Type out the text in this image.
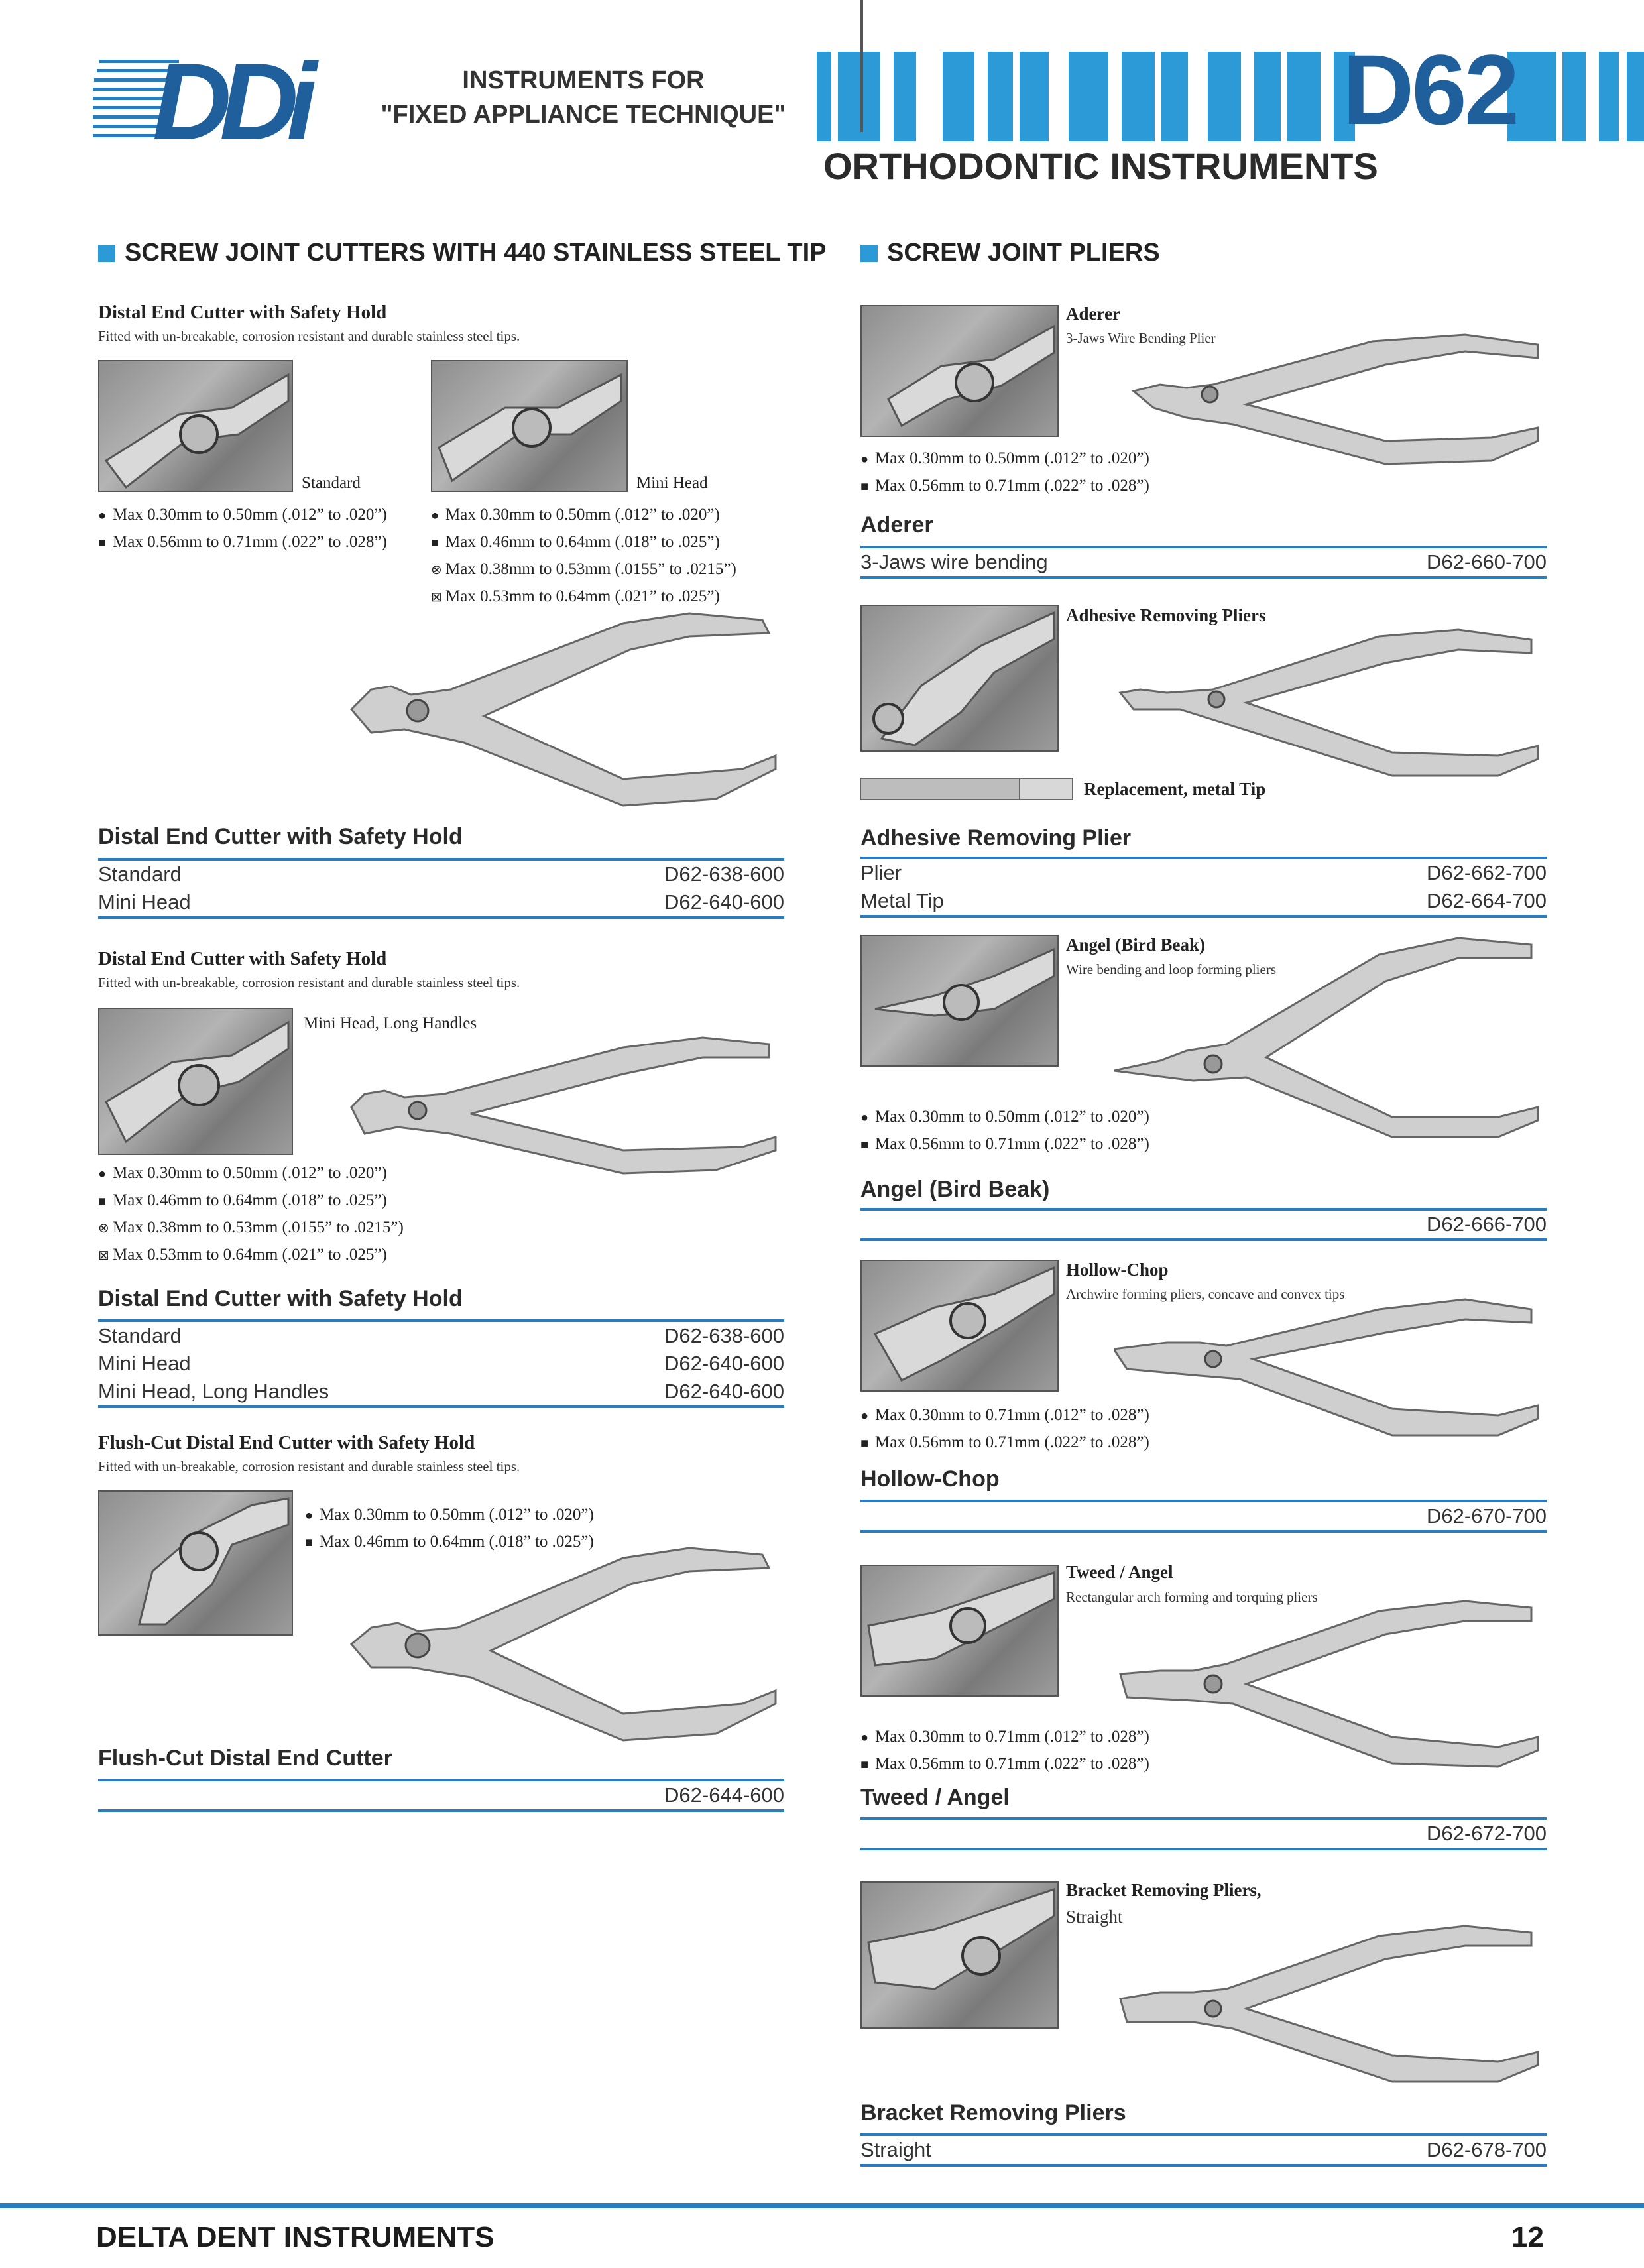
DDi	INSTRUMENTS FOR
"FIXED APPLIANCE TECHNIQUE"	D62
ORTHODONTIC INSTRUMENTS
SCREW JOINT CUTTERS WITH 440 STAINLESS STEEL TIP
Distal End Cutter with Safety Hold
Fitted with un-breakable, corrosion resistant and durable stainless steel tips.
Standard	Mini Head
● Max 0.30mm to 0.50mm (.012” to .020”)
■ Max 0.56mm to 0.71mm (.022” to .028”)
● Max 0.30mm to 0.50mm (.012” to .020”)
■ Max 0.46mm to 0.64mm (.018” to .025”)
⊗ Max 0.38mm to 0.53mm (.0155” to .0215”)
⊠ Max 0.53mm to 0.64mm (.021” to .025”)
Distal End Cutter with Safety Hold
Standard	D62-638-600
Mini Head	D62-640-600
Distal End Cutter with Safety Hold
Fitted with un-breakable, corrosion resistant and durable stainless steel tips.
Mini Head, Long Handles
● Max 0.30mm to 0.50mm (.012” to .020”)
■ Max 0.46mm to 0.64mm (.018” to .025”)
⊗ Max 0.38mm to 0.53mm (.0155” to .0215”)
⊠ Max 0.53mm to 0.64mm (.021” to .025”)
Distal End Cutter with Safety Hold
Standard	D62-638-600
Mini Head	D62-640-600
Mini Head, Long Handles	D62-640-600
Flush-Cut Distal End Cutter with Safety Hold
Fitted with un-breakable, corrosion resistant and durable stainless steel tips.
● Max 0.30mm to 0.50mm (.012” to .020”)
■ Max 0.46mm to 0.64mm (.018” to .025”)
Flush-Cut Distal End Cutter
D62-644-600
SCREW JOINT PLIERS
Aderer
3-Jaws Wire Bending Plier
● Max 0.30mm to 0.50mm (.012” to .020”)
■ Max 0.56mm to 0.71mm (.022” to .028”)
Aderer
3-Jaws wire bending	D62-660-700
Adhesive Removing Pliers
Replacement, metal Tip
Adhesive Removing Plier
Plier	D62-662-700
Metal Tip	D62-664-700
Angel (Bird Beak)
Wire bending and loop forming pliers
● Max 0.30mm to 0.50mm (.012” to .020”)
■ Max 0.56mm to 0.71mm (.022” to .028”)
Angel (Bird Beak)
D62-666-700
Hollow-Chop
Archwire forming pliers, concave and convex tips
● Max 0.30mm to 0.71mm (.012” to .028”)
■ Max 0.56mm to 0.71mm (.022” to .028”)
Hollow-Chop
D62-670-700
Tweed / Angel
Rectangular arch forming and torquing pliers
● Max 0.30mm to 0.71mm (.012” to .028”)
■ Max 0.56mm to 0.71mm (.022” to .028”)
Tweed / Angel
D62-672-700
Bracket Removing Pliers,
Straight
Bracket Removing Pliers
Straight	D62-678-700
DELTA DENT INSTRUMENTS	12
